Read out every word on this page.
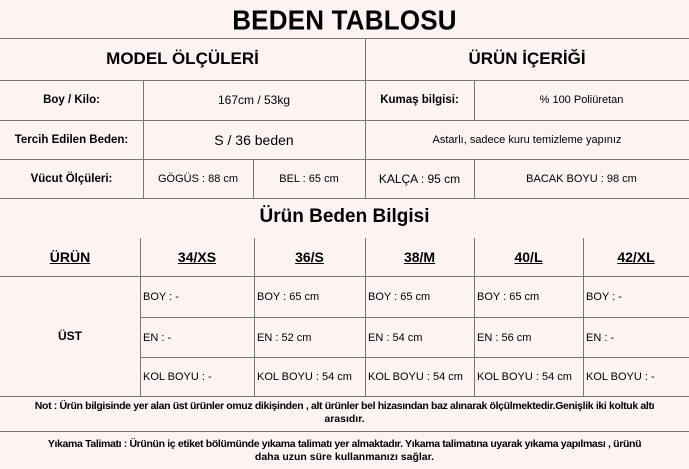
BEDEN TABLOSU
MODEL ÖLÇÜLERİ	ÜRÜN İÇERİĞİ
Boy / Kilo:	167cm / 53kg	Kumaş bilgisi:	% 100 Poliüretan
Tercih Edilen Beden:	S / 36 beden	Astarlı, sadece kuru temizleme yapınız
Vücut Ölçüleri:	GÖGÜS : 88 cm	BEL : 65 cm	KALÇA : 95 cm	BACAK BOYU : 98 cm
Ürün Beden Bilgisi
ÜRÜN	34/XS	36/S	38/M	40/L	42/XL
ÜST
BOY : -	BOY : 65 cm	BOY : 65 cm	BOY : 65 cm	BOY : -
EN : -	EN : 52 cm	EN : 54 cm	EN : 56 cm	EN : -
KOL BOYU : -	KOL BOYU : 54 cm	KOL BOYU : 54 cm	KOL BOYU : 54 cm	KOL BOYU : -
Not : Ürün bilgisinde yer alan üst ürünler omuz dikişinden , alt ürünler bel hizasından baz alınarak ölçülmektedir.Genişlik iki koltuk altı
arasıdır.
Yıkama Talimatı : Ürünün iç etiket bölümünde yıkama talimatı yer almaktadır. Yıkama talimatına uyarak yıkama yapılması , ürünü
daha uzun süre kullanmanızı sağlar.
